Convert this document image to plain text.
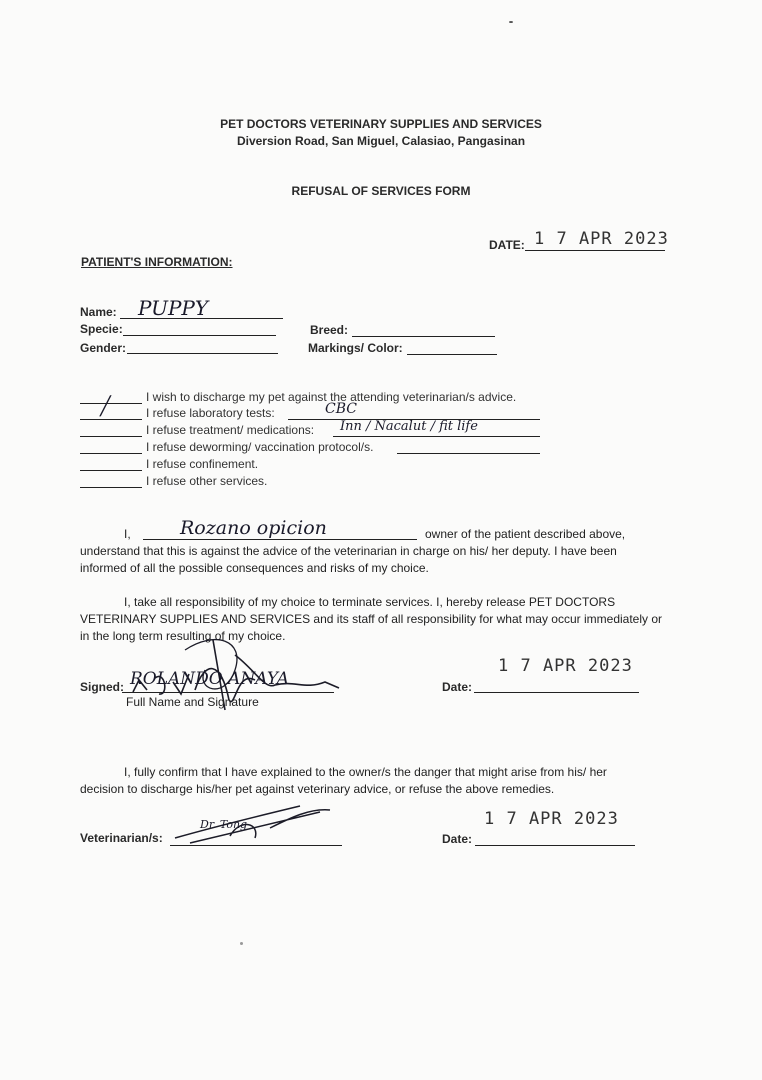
PET DOCTORS VETERINARY SUPPLIES AND SERVICES
Diversion Road, San Miguel, Calasiao, Pangasinan
REFUSAL OF SERVICES FORM
DATE: 1 7 APR 2023
PATIENT'S INFORMATION:
Name: PUPPY
Specie:
Gender:
Breed:
Markings/ Color:
I wish to discharge my pet against the attending veterinarian/s advice.
╱	I refuse laboratory tests:	CBC
I refuse treatment/ medications: Inn / Nacalut / fit life
I refuse deworming/ vaccination protocol/s.
I refuse confinement.
I refuse other services.
I,	Rozano opicion	owner of the patient described above,
understand that this is against the advice of the veterinarian in charge on his/ her deputy. I have been
informed of all the possible consequences and risks of my choice.
I, take all responsibility of my choice to terminate services. I, hereby release PET DOCTORS
VETERINARY SUPPLIES AND SERVICES and its staff of all responsibility for what may occur immediately or
in the long term resulting of my choice.
Signed: ROLANDO ANAYA
Full Name and Signature
Date:
1 7 APR 2023
I, fully confirm that I have explained to the owner/s the danger that might arise from his/ her
decision to discharge his/her pet against veterinary advice, or refuse the above remedies.
Veterinarian/s:
Dr. Tong
Date:
1 7 APR 2023
